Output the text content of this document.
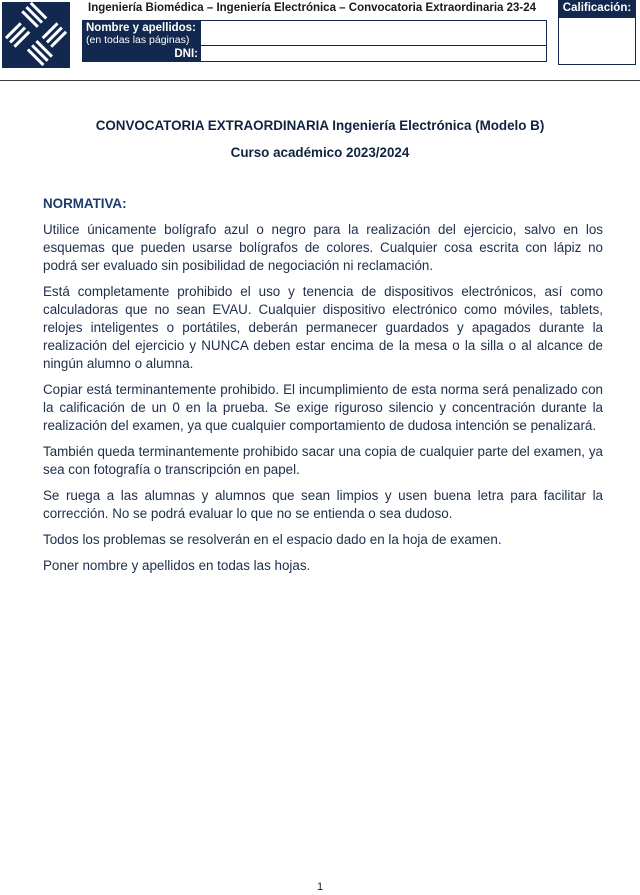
Ingeniería Biomédica – Ingeniería Electrónica – Convocatoria Extraordinaria 23-24
Nombre y apellidos:
(en todas las páginas)
DNI:
Calificación:
CONVOCATORIA EXTRAORDINARIA Ingeniería Electrónica (Modelo B)
Curso académico 2023/2024
NORMATIVA:

Utilice únicamente bolígrafo azul o negro para la realización del ejercicio, salvo en los esquemas que pueden usarse bolígrafos de colores. Cualquier cosa escrita con lápiz no podrá ser evaluado sin posibilidad de negociación ni reclamación.

Está completamente prohibido el uso y tenencia de dispositivos electrónicos, así como calculadoras que no sean EVAU. Cualquier dispositivo electrónico como móviles, tablets, relojes inteligentes o portátiles, deberán permanecer guardados y apagados durante la realización del ejercicio y NUNCA deben estar encima de la mesa o la silla o al alcance de ningún alumno o alumna.

Copiar está terminantemente prohibido. El incumplimiento de esta norma será penalizado con la calificación de un 0 en la prueba. Se exige riguroso silencio y concentración durante la realización del examen, ya que cualquier comportamiento de dudosa intención se penalizará.

También queda terminantemente prohibido sacar una copia de cualquier parte del examen, ya sea con fotografía o transcripción en papel.

Se ruega a las alumnas y alumnos que sean limpios y usen buena letra para facilitar la corrección. No se podrá evaluar lo que no se entienda o sea dudoso.

Todos los problemas se resolverán en el espacio dado en la hoja de examen.

Poner nombre y apellidos en todas las hojas.

1
